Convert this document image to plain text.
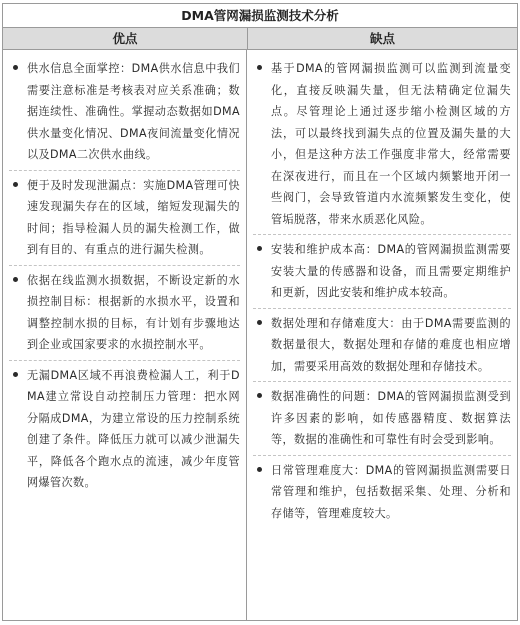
DMA管网漏损监测技术分析
优点	缺点
供水信息全面掌控：DMA供水信息中我们需要注意标准是考核表对应关系准确；数据连续性、准确性。掌握动态数据如DMA供水量变化情况、DMA夜间流量变化情况以及DMA二次供水曲线。
便于及时发现泄漏点：实施DMA管理可快速发现漏失存在的区域，缩短发现漏失的时间；指导检漏人员的漏失检测工作，做到有目的、有重点的进行漏失检测。
依据在线监测水损数据，不断设定新的水损控制目标：根据新的水损水平，设置和调整控制水损的目标，有计划有步骤地达到企业或国家要求的水损控制水平。
无漏DMA区域不再浪费检漏人工，利于DMA建立常设自动控制压力管理：把水网分隔成DMA，为建立常设的压力控制系统创建了条件。降低压力就可以减少泄漏失平，降低各个跑水点的流速，减少年度管网爆管次数。
基于DMA的管网漏损监测可以监测到流量变化，直接反映漏失量，但无法精确定位漏失点。尽管理论上通过逐步缩小检测区域的方法，可以最终找到漏失点的位置及漏失量的大小，但是这种方法工作强度非常大，经常需要在深夜进行，而且在一个区域内频繁地开闭一些阀门，会导致管道内水流频繁发生变化，使管垢脱落，带来水质恶化风险。
安装和维护成本高：DMA的管网漏损监测需要安装大量的传感器和设备，而且需要定期维护和更新，因此安装和维护成本较高。
数据处理和存储难度大：由于DMA需要监测的数据量很大，数据处理和存储的难度也相应增加，需要采用高效的数据处理和存储技术。
数据准确性的问题：DMA的管网漏损监测受到许多因素的影响，如传感器精度、数据算法等，数据的准确性和可靠性有时会受到影响。
日常管理难度大：DMA的管网漏损监测需要日常管理和维护，包括数据采集、处理、分析和存储等，管理难度较大。
